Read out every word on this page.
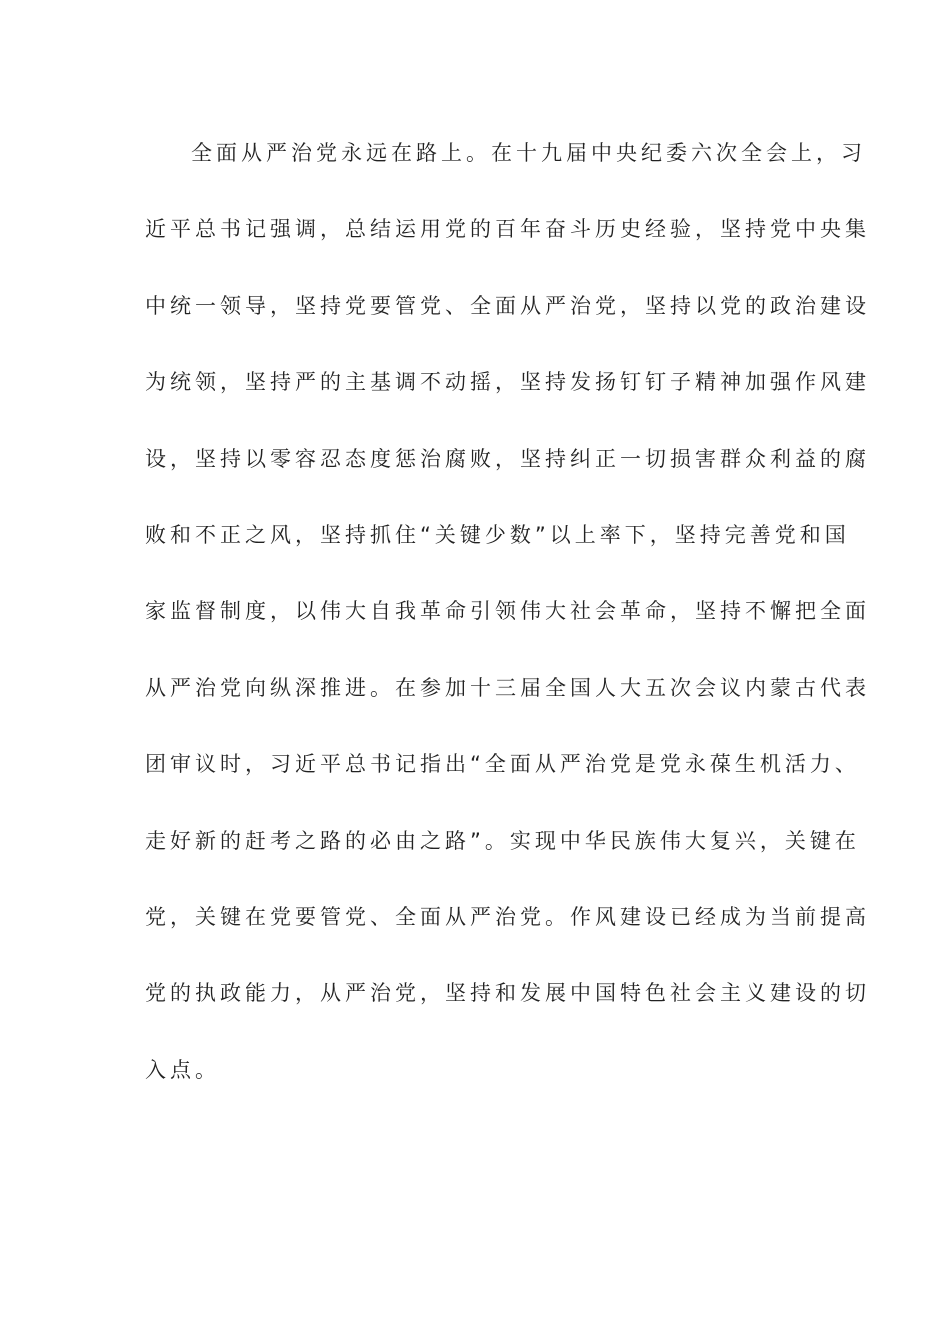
全面从严治党永远在路上。在十九届中央纪委六次全会上，习
近平总书记强调，总结运用党的百年奋斗历史经验，坚持党中央集
中统一领导，坚持党要管党、全面从严治党，坚持以党的政治建设
为统领，坚持严的主基调不动摇，坚持发扬钉钉子精神加强作风建
设，坚持以零容忍态度惩治腐败，坚持纠正一切损害群众利益的腐
败和不正之风，坚持抓住“关键少数”以上率下，坚持完善党和国
家监督制度，以伟大自我革命引领伟大社会革命，坚持不懈把全面
从严治党向纵深推进。在参加十三届全国人大五次会议内蒙古代表
团审议时，习近平总书记指出“全面从严治党是党永葆生机活力、
走好新的赶考之路的必由之路”。实现中华民族伟大复兴，关键在
党，关键在党要管党、全面从严治党。作风建设已经成为当前提高
党的执政能力，从严治党，坚持和发展中国特色社会主义建设的切
入点。
